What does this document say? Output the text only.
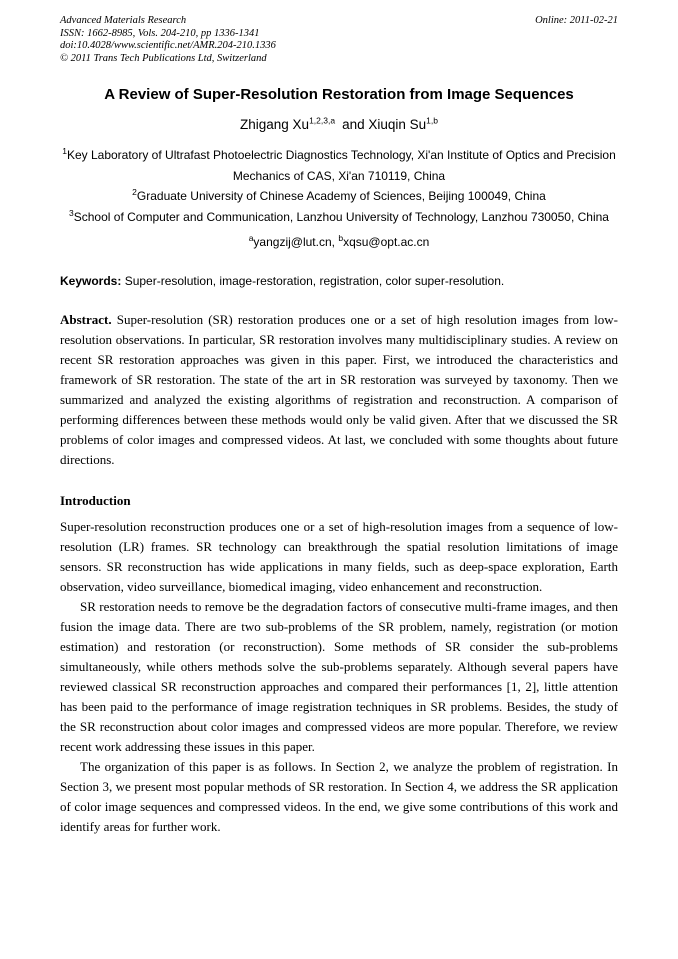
Advanced Materials Research
ISSN: 1662-8985, Vols. 204-210, pp 1336-1341
doi:10.4028/www.scientific.net/AMR.204-210.1336
© 2011 Trans Tech Publications Ltd, Switzerland
Online: 2011-02-21
A Review of Super-Resolution Restoration from Image Sequences
Zhigang Xu$^{1,2,3,a}$ and Xiuqin Su$^{1,b}$
$^1$Key Laboratory of Ultrafast Photoelectric Diagnostics Technology, Xi'an Institute of Optics and Precision Mechanics of CAS, Xi'an 710119, China
$^2$Graduate University of Chinese Academy of Sciences, Beijing 100049, China
$^3$School of Computer and Communication, Lanzhou University of Technology, Lanzhou 730050, China
$^a$yangzij@lut.cn, $^b$xqsu@opt.ac.cn
Keywords: Super-resolution, image-restoration, registration, color super-resolution.
Abstract. Super-resolution (SR) restoration produces one or a set of high resolution images from low-resolution observations. In particular, SR restoration involves many multidisciplinary studies. A review on recent SR restoration approaches was given in this paper. First, we introduced the characteristics and framework of SR restoration. The state of the art in SR restoration was surveyed by taxonomy. Then we summarized and analyzed the existing algorithms of registration and reconstruction. A comparison of performing differences between these methods would only be valid given. After that we discussed the SR problems of color images and compressed videos. At last, we concluded with some thoughts about future directions.
Introduction

Super-resolution reconstruction produces one or a set of high-resolution images from a sequence of low-resolution (LR) frames. SR technology can breakthrough the spatial resolution limitations of image sensors. SR reconstruction has wide applications in many fields, such as deep-space exploration, Earth observation, video surveillance, biomedical imaging, video enhancement and reconstruction.

SR restoration needs to remove be the degradation factors of consecutive multi-frame images, and then fusion the image data. There are two sub-problems of the SR problem, namely, registration (or motion estimation) and restoration (or reconstruction). Some methods of SR consider the sub-problems simultaneously, while others methods solve the sub-problems separately. Although several papers have reviewed classical SR reconstruction approaches and compared their performances [1, 2], little attention has been paid to the performance of image registration techniques in SR problems. Besides, the study of the SR reconstruction about color images and compressed videos are more popular. Therefore, we review recent work addressing these issues in this paper.

The organization of this paper is as follows. In Section 2, we analyze the problem of registration. In Section 3, we present most popular methods of SR restoration. In Section 4, we address the SR application of color image sequences and compressed videos. In the end, we give some contributions of this work and identify areas for further work.
